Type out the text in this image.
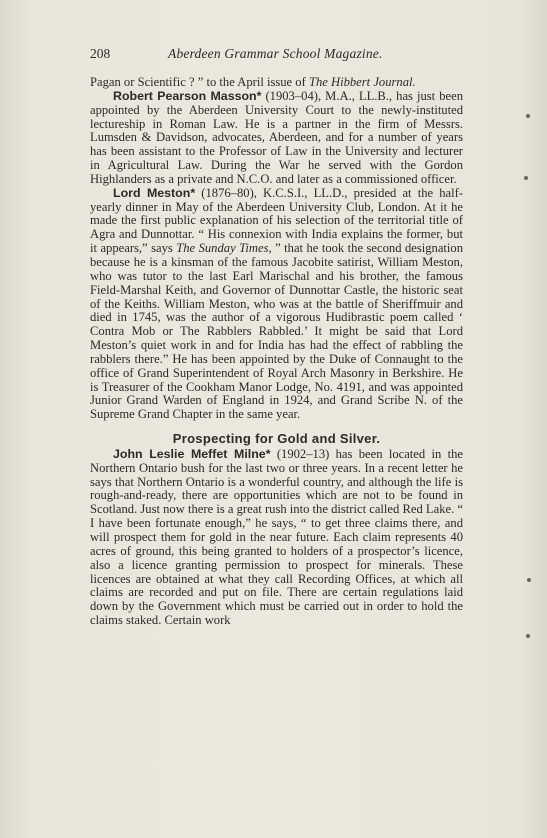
208	Aberdeen Grammar School Magazine.

Pagan or Scientific ? ” to the April issue of The Hibbert Journal.

Robert Pearson Masson* (1903–04), M.A., LL.B., has just been appointed by the Aberdeen University Court to the newly-instituted lectureship in Roman Law. He is a partner in the firm of Messrs. Lumsden & Davidson, advocates, Aberdeen, and for a number of years has been assistant to the Professor of Law in the University and lecturer in Agricultural Law. During the War he served with the Gordon Highlanders as a private and N.C.O. and later as a commissioned officer.

Lord Meston* (1876–80), K.C.S.I., LL.D., presided at the half-yearly dinner in May of the Aberdeen University Club, London. At it he made the first public explanation of his selection of the territorial title of Agra and Dunnottar. “ His connexion with India explains the former, but it appears,” says The Sunday Times, ” that he took the second designation because he is a kinsman of the famous Jacobite satirist, William Meston, who was tutor to the last Earl Marischal and his brother, the famous Field-Marshal Keith, and Governor of Dunnottar Castle, the historic seat of the Keiths. William Meston, who was at the battle of Sheriffmuir and died in 1745, was the author of a vigorous Hudibrastic poem called ‘ Contra Mob or The Rabblers Rabbled.’ It might be said that Lord Meston’s quiet work in and for India has had the effect of rabbling the rabblers there.” He has been appointed by the Duke of Connaught to the office of Grand Superintendent of Royal Arch Masonry in Berkshire. He is Treasurer of the Cookham Manor Lodge, No. 4191, and was appointed Junior Grand Warden of England in 1924, and Grand Scribe N. of the Supreme Grand Chapter in the same year.

Prospecting for Gold and Silver.

John Leslie Meffet Milne* (1902–13) has been located in the Northern Ontario bush for the last two or three years. In a recent letter he says that Northern Ontario is a wonderful country, and although the life is rough-and-ready, there are opportunities which are not to be found in Scotland. Just now there is a great rush into the district called Red Lake. “ I have been fortunate enough,” he says, “ to get three claims there, and will prospect them for gold in the near future. Each claim represents 40 acres of ground, this being granted to holders of a prospector’s licence, also a licence granting permission to prospect for minerals. These licences are obtained at what they call Recording Offices, at which all claims are recorded and put on file. There are certain regulations laid down by the Government which must be carried out in order to hold the claims staked. Certain work
